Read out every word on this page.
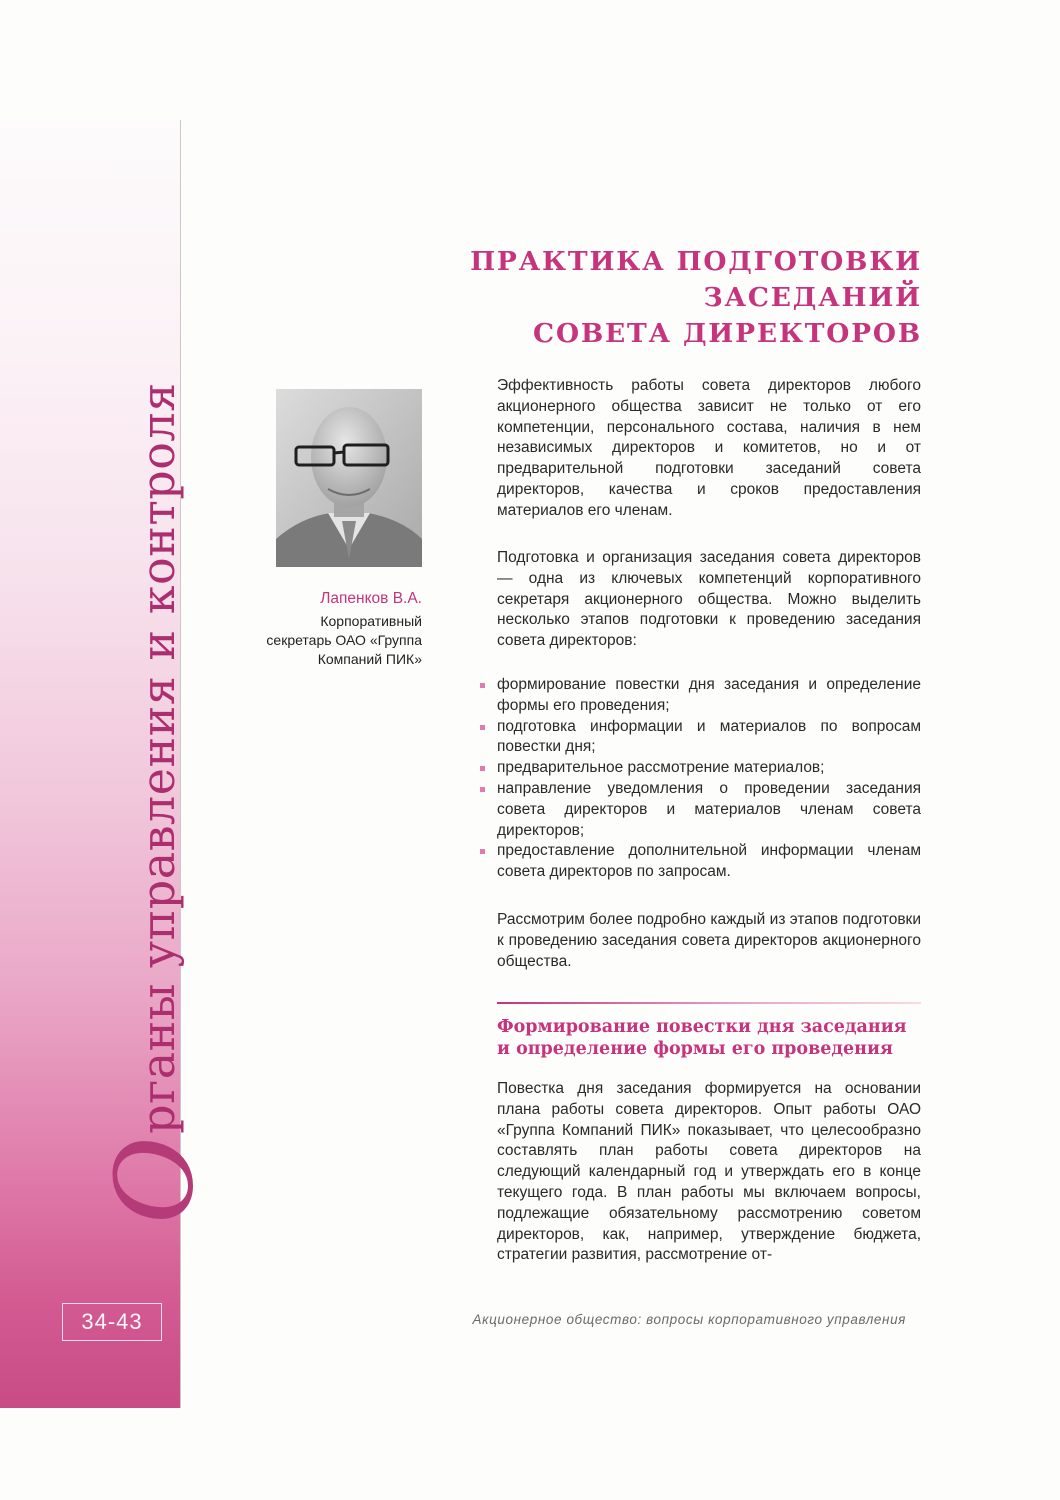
Органы управления и контроля
34-43
ПРАКТИКА ПОДГОТОВКИ ЗАСЕДАНИЙ
СОВЕТА ДИРЕКТОРОВ
Лапенков В.А.
Корпоративный
секретарь ОАО «Группа
Компаний ПИК»

Эффективность работы совета директоров любого акционерного общества зависит не только от его компетенции, персонального состава, наличия в нем независимых директоров и комитетов, но и от предварительной подготовки заседаний совета директоров, качества и сроков предоставления материалов его членам.

Подготовка и организация заседания совета директоров — одна из ключевых компетенций корпоративного секретаря акционерного общества. Можно выделить несколько этапов подготовки к проведению заседания совета директоров:

формирование повестки дня заседания и определение формы его проведения;
подготовка информации и материалов по вопросам повестки дня;
предварительное рассмотрение материалов;
направление уведомления о проведении заседания совета директоров и материалов членам совета директоров;
предоставление дополнительной информации членам совета директоров по запросам.

Рассмотрим более подробно каждый из этапов подготовки к проведению заседания совета директоров акционерного общества.

Формирование повестки дня заседания
и определение формы его проведения

Повестка дня заседания формируется на основании плана работы совета директоров. Опыт работы ОАО «Группа Компаний ПИК» показывает, что целесообразно составлять план работы совета директоров на следующий календарный год и утверждать его в конце текущего года. В план работы мы включаем вопросы, подлежащие обязательному рассмотрению советом директоров, как, например, утверждение бюджета, стратегии развития, рассмотрение от-

Акционерное общество: вопросы корпоративного управления
